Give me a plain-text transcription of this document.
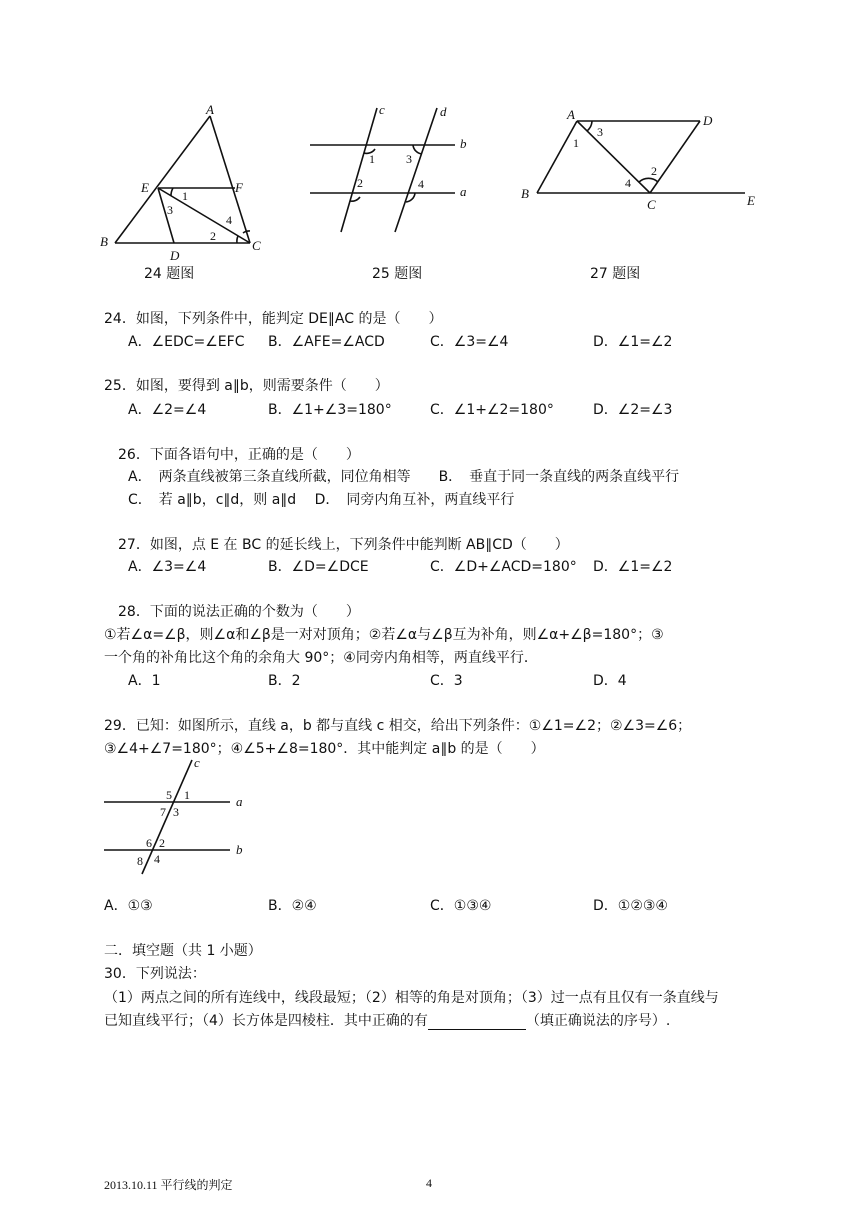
A
B	C
D
E	F
1
2
3
4
24 题图
c	d
b
a
1
2
3
4
25 题图
A	D
B
C	E
1
2
3
4
27 题图
24．如图，下列条件中，能判定 DE∥AC 的是（　　）
A．∠EDC=∠EFC B．∠AFE=∠ACD	C．∠3=∠4	D．∠1=∠2
25．如图，要得到 a∥b，则需要条件（　　）
A．∠2=∠4	B．∠1+∠3=180°	C．∠1+∠2=180°	D．∠2=∠3
26．下面各语句中，正确的是（　　）
A．　两条直线被第三条直线所截，同位角相等　　B．　垂直于同一条直线的两条直线平行
C．　若 a∥b，c∥d，则 a∥d　 D．　同旁内角互补，两直线平行
27．如图，点 E 在 BC 的延长线上，下列条件中能判断 AB∥CD（　　）
A．∠3=∠4	B．∠D=∠DCE	C．∠D+∠ACD=180° D．∠1=∠2
28．下面的说法正确的个数为（　　）
①若∠α=∠β，则∠α和∠β是一对对顶角；②若∠α与∠β互为补角，则∠α+∠β=180°；③
一个角的补角比这个角的余角大 90°；④同旁内角相等，两直线平行．
A．1	B．2	C．3	D．4
29．已知：如图所示，直线 a，b 都与直线 c 相交，给出下列条件：①∠1=∠2；②∠3=∠6；
③∠4+∠7=180°；④∠5+∠8=180°．其中能判定 a∥b 的是（　　）
c
a
b
5 1
7 3
6 2
8 4
A．①③	B．②④	C．①③④	D．①②③④
二．填空题（共 1 小题）
30．下列说法：
（1）两点之间的所有连线中，线段最短；（2）相等的角是对顶角；（3）过一点有且仅有一条直线与
已知直线平行；（4）长方体是四棱柱．其中正确的有	（填正确说法的序号）.
2013.10.11 平行线的判定	4
